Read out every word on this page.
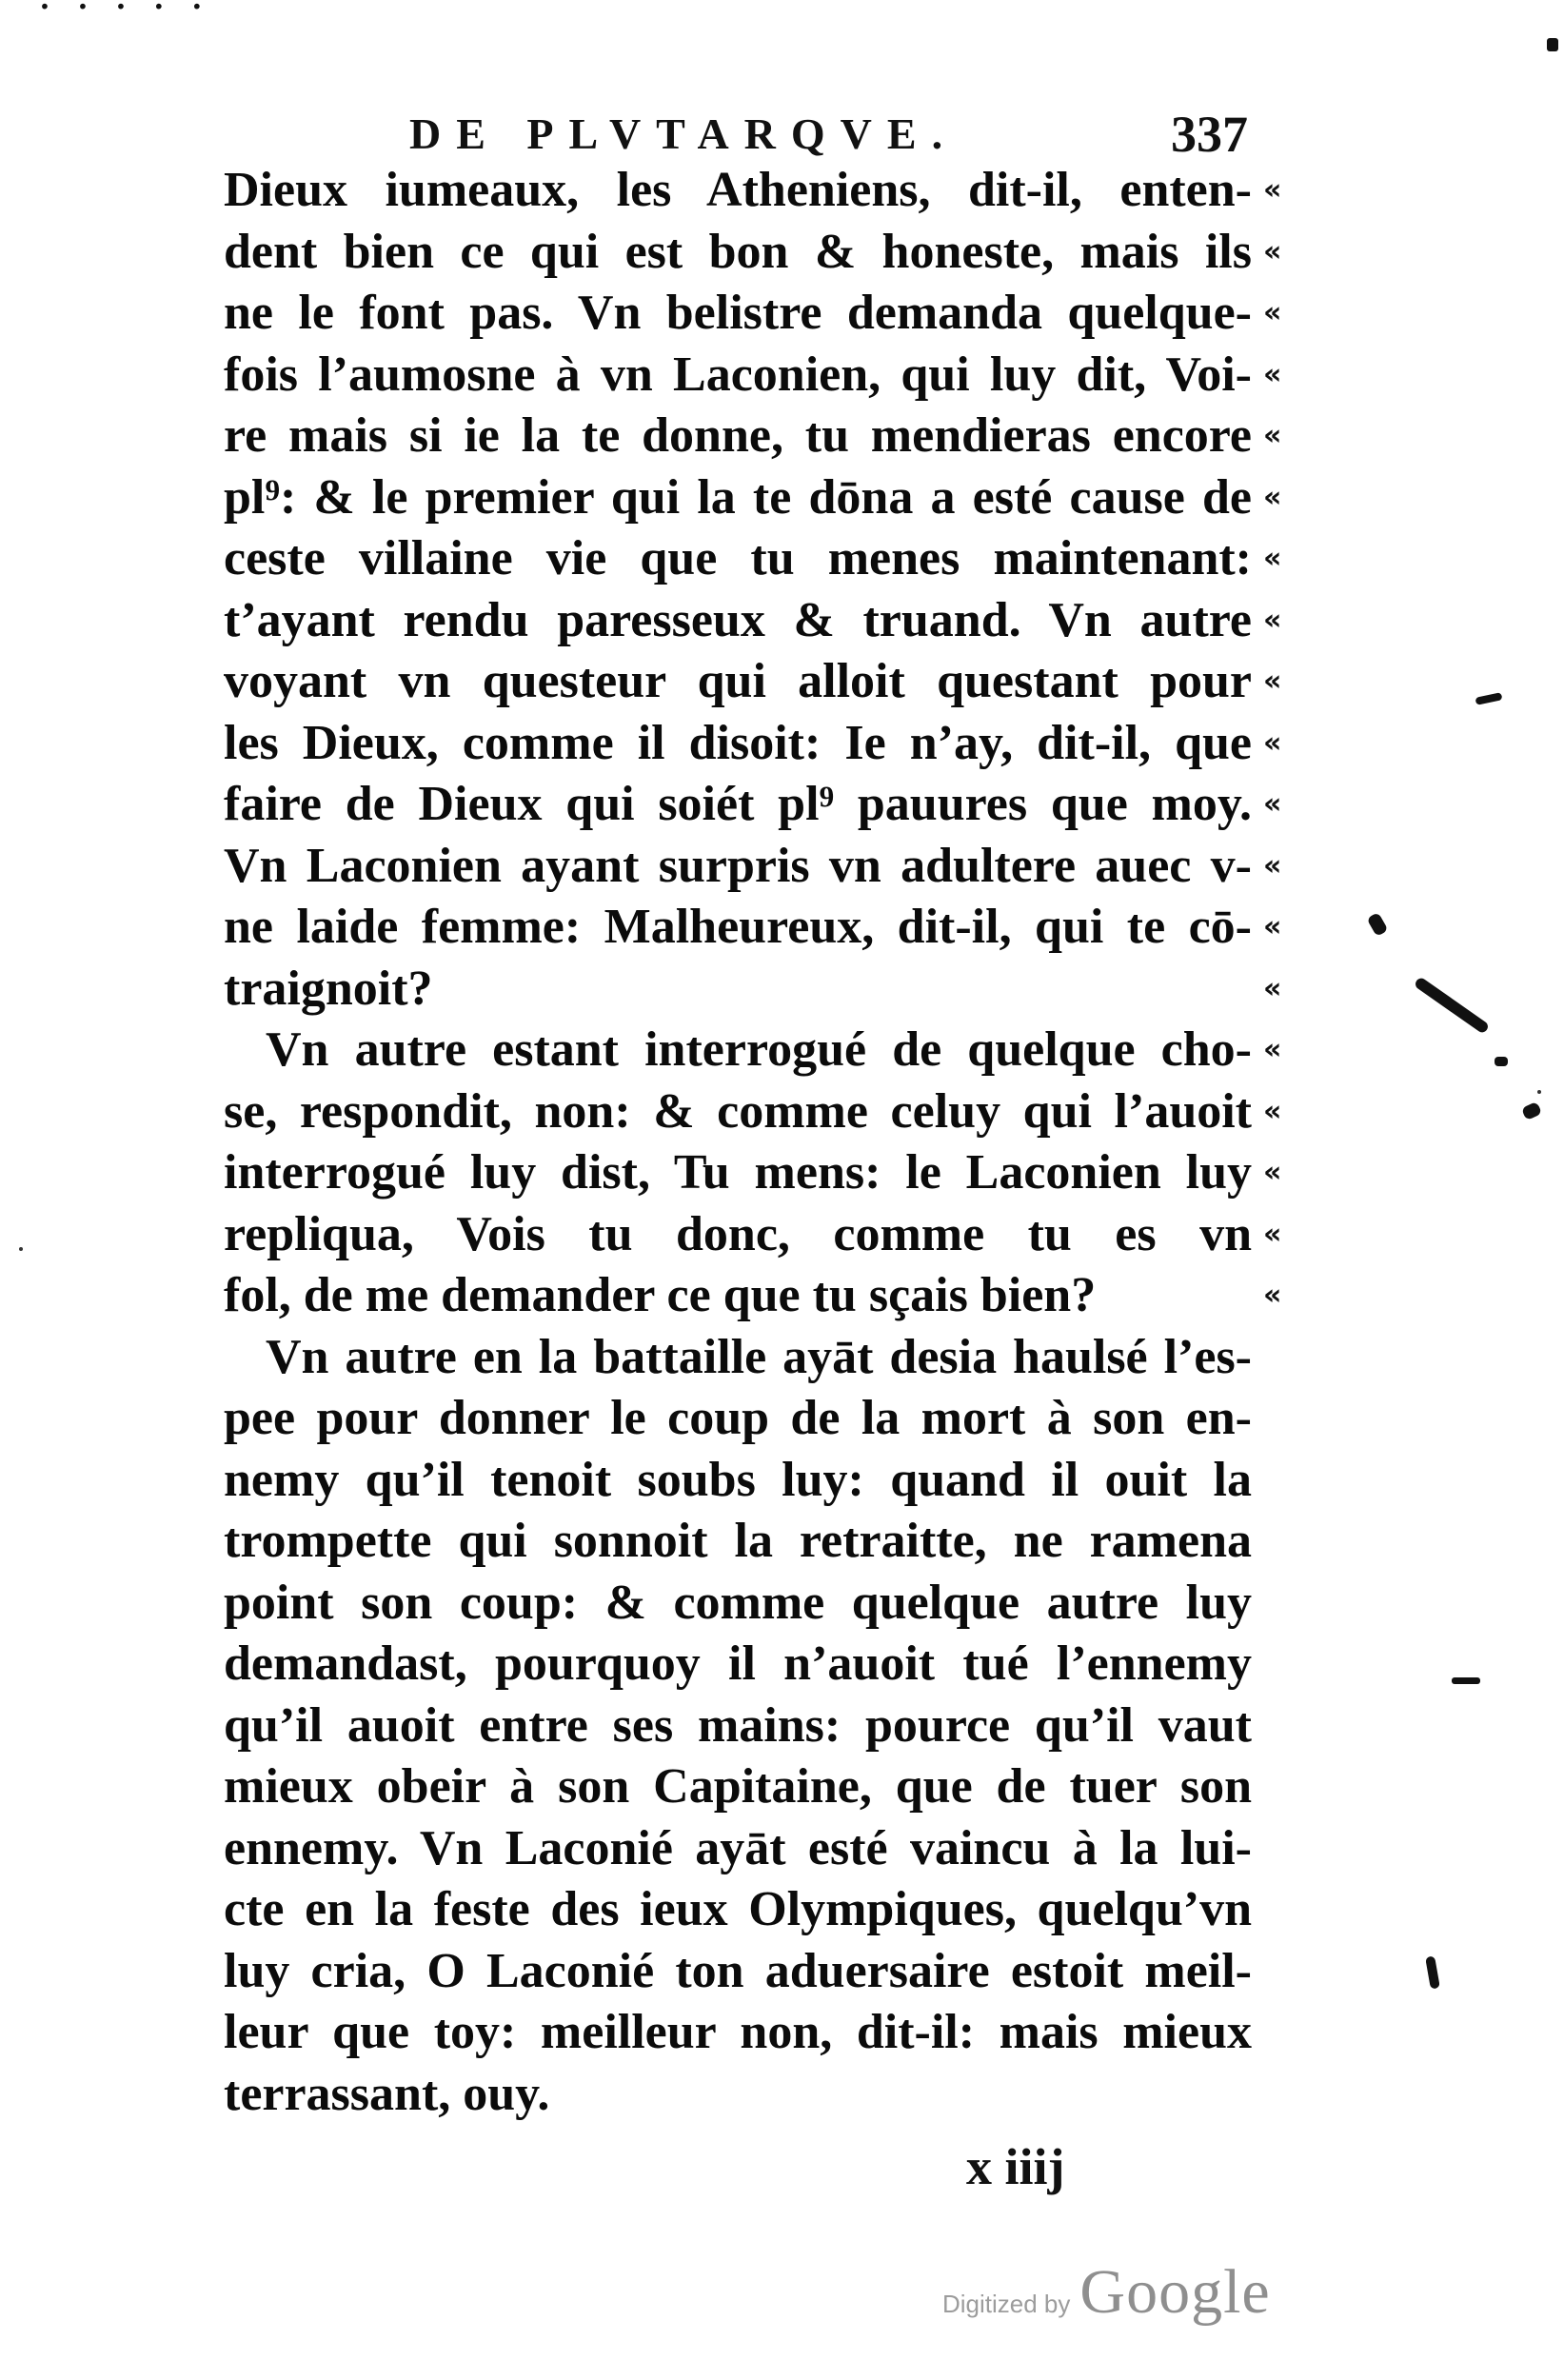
DE PLVTARQVE.	337
Dieux iumeaux, les Atheniens, dit-il, enten- «
dent bien ce qui est bon & honeste, mais ils «
ne le font pas. Vn belistre demanda quelque- «
fois l’aumosne à vn Laconien, qui luy dit, Voi- «
re mais si ie la te donne, tu mendieras encore «
pl⁹: & le premier qui la te dōna a esté cause de «
ceste villaine vie que tu menes maintenant: «
t’ayant rendu paresseux & truand. Vn autre «
voyant vn questeur qui alloit questant pour «
les Dieux, comme il disoit: Ie n’ay, dit-il, que «
faire de Dieux qui soiét pl⁹ pauures que moy. «
Vn Laconien ayant surpris vn adultere auec v- «
ne laide femme: Malheureux, dit-il, qui te cō- «
traignoit?	«
Vn autre estant interrogué de quelque cho- «
se, respondit, non: & comme celuy qui l’auoit «
interrogué luy dist, Tu mens: le Laconien luy «
repliqua, Vois tu donc, comme tu es vn «
fol, de me demander ce que tu sçais bien?	«
Vn autre en la battaille ayāt desia haulsé l’es-
pee pour donner le coup de la mort à son en-
nemy qu’il tenoit soubs luy: quand il ouit la
trompette qui sonnoit la retraitte, ne ramena
point son coup: & comme quelque autre luy
demandast, pourquoy il n’auoit tué l’ennemy
qu’il auoit entre ses mains: pource qu’il vaut
mieux obeir à son Capitaine, que de tuer son
ennemy. Vn Laconié ayāt esté vaincu à la lui-
cte en la feste des ieux Olympiques, quelqu’vn
luy cria, O Laconié ton aduersaire estoit meil-
leur que toy: meilleur non, dit-il: mais mieux
terrassant, ouy.
x iiij
Digitized by Google
